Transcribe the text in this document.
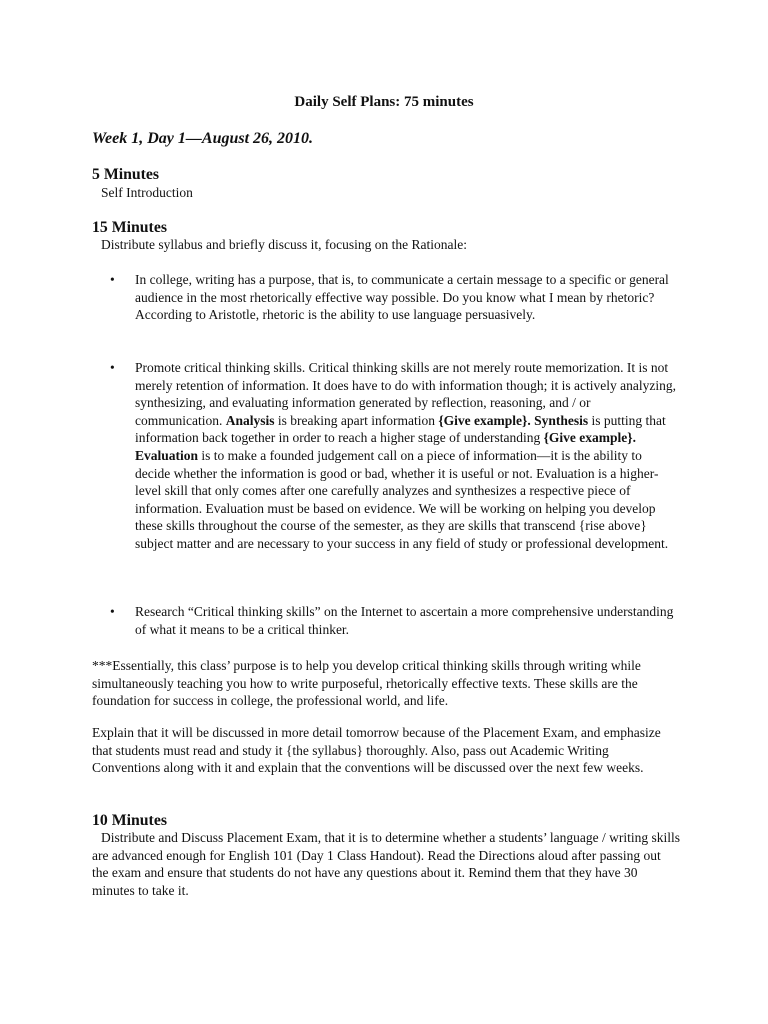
Daily Self Plans: 75 minutes
Week 1, Day 1—August 26, 2010.
5 Minutes

Self Introduction

15 Minutes

Distribute syllabus and briefly discuss it, focusing on the Rationale:

•	In college, writing has a purpose, that is, to communicate a certain message to a specific or general audience in the most rhetorically effective way possible. Do you know what I mean by rhetoric? According to Aristotle, rhetoric is the ability to use language persuasively.
•	Promote critical thinking skills. Critical thinking skills are not merely route memorization. It is not merely retention of information. It does have to do with information though; it is actively analyzing, synthesizing, and evaluating information generated by reflection, reasoning, and / or communication. Analysis is breaking apart information {Give example}. Synthesis is putting that information back together in order to reach a higher stage of understanding {Give example}. Evaluation is to make a founded judgement call on a piece of information—it is the ability to decide whether the information is good or bad, whether it is useful or not. Evaluation is a higher-level skill that only comes after one carefully analyzes and synthesizes a respective piece of information. Evaluation must be based on evidence. We will be working on helping you develop these skills throughout the course of the semester, as they are skills that transcend {rise above} subject matter and are necessary to your success in any field of study or professional development.
•	Research “Critical thinking skills” on the Internet to ascertain a more comprehensive understanding of what it means to be a critical thinker.

***Essentially, this class’ purpose is to help you develop critical thinking skills through writing while simultaneously teaching you how to write purposeful, rhetorically effective texts. These skills are the foundation for success in college, the professional world, and life.

Explain that it will be discussed in more detail tomorrow because of the Placement Exam, and emphasize that students must read and study it {the syllabus} thoroughly. Also, pass out Academic Writing Conventions along with it and explain that the conventions will be discussed over the next few weeks.

10 Minutes

Distribute and Discuss Placement Exam, that it is to determine whether a students’ language / writing skills are advanced enough for English 101 (Day 1 Class Handout). Read the Directions aloud after passing out the exam and ensure that students do not have any questions about it. Remind them that they have 30 minutes to take it.
